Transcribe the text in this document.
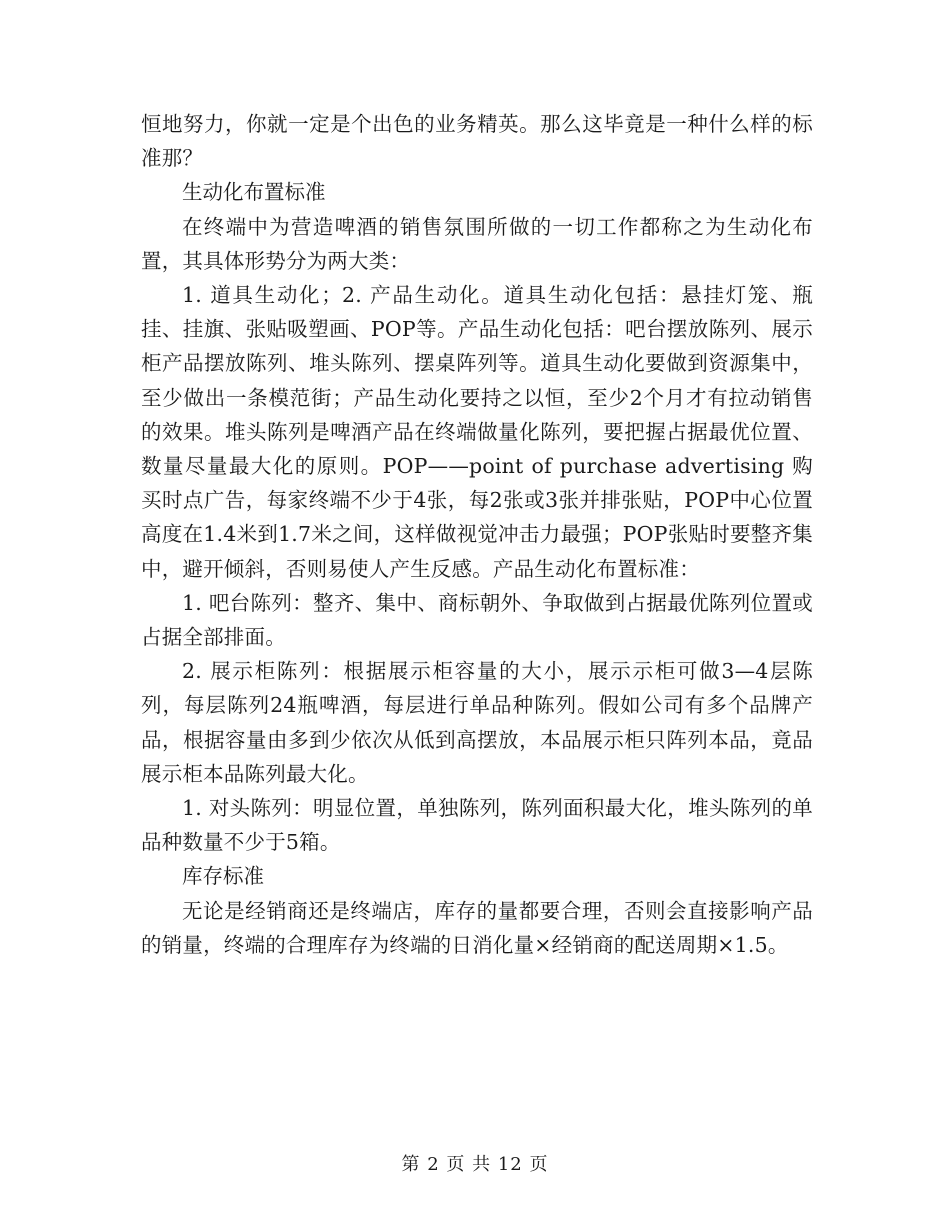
恒地努力，你就一定是个出色的业务精英。那么这毕竟是一种什么样的标准那？

生动化布置标准

在终端中为营造啤酒的销售氛围所做的一切工作都称之为生动化布置，其具体形势分为两大类：

1. 道具生动化；2. 产品生动化。道具生动化包括：悬挂灯笼、瓶挂、挂旗、张贴吸塑画、POP等。产品生动化包括：吧台摆放陈列、展示柜产品摆放陈列、堆头陈列、摆桌阵列等。道具生动化要做到资源集中，至少做出一条模范街；产品生动化要持之以恒，至少2个月才有拉动销售的效果。堆头陈列是啤酒产品在终端做量化陈列，要把握占据最优位置、数量尽量最大化的原则。POP——point of purchase advertising 购买时点广告，每家终端不少于4张，每2张或3张并排张贴，POP中心位置高度在1.4米到1.7米之间，这样做视觉冲击力最强；POP张贴时要整齐集中，避开倾斜，否则易使人产生反感。产品生动化布置标准：

1. 吧台陈列：整齐、集中、商标朝外、争取做到占据最优陈列位置或占据全部排面。

2. 展示柜陈列：根据展示柜容量的大小，展示示柜可做3—4层陈列，每层陈列24瓶啤酒，每层进行单品种陈列。假如公司有多个品牌产品，根据容量由多到少依次从低到高摆放，本品展示柜只阵列本品，竟品展示柜本品陈列最大化。

1. 对头陈列：明显位置，单独陈列，陈列面积最大化，堆头陈列的单品种数量不少于5箱。

库存标准

无论是经销商还是终端店，库存的量都要合理，否则会直接影响产品的销量，终端的合理库存为终端的日消化量×经销商的配送周期×1.5。

第 2 页 共 12 页
